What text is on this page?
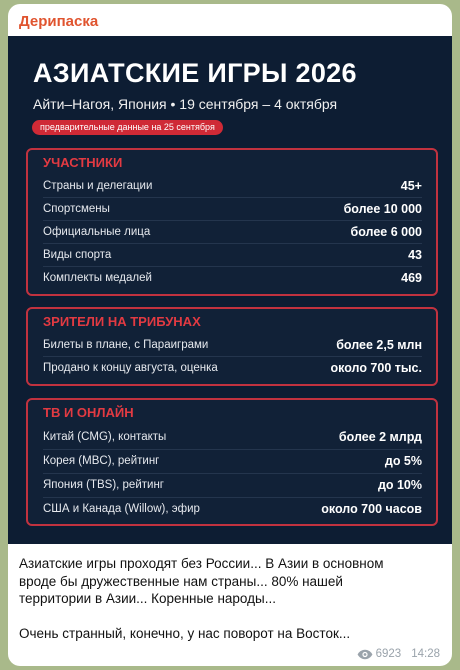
Дерипаска
АЗИАТСКИЕ ИГРЫ 2026
Айти–Нагоя, Япония • 19 сентября – 4 октября
предварительные данные на 25 сентября
УЧАСТНИКИ
Страны и делегации	45+
Спортсмены	более 10 000
Официальные лица	более 6 000
Виды спорта	43
Комплекты медалей	469
ЗРИТЕЛИ НА ТРИБУНАХ
Билеты в плане, с Параиграми	более 2,5 млн
Продано к концу августа, оценка	около 700 тыс.
ТВ И ОНЛАЙН
Китай (CMG), контакты	более 2 млрд
Корея (MBC), рейтинг	до 5%
Япония (TBS), рейтинг	до 10%
США и Канада (Willow), эфир	около 700 часов

Азиатские игры проходят без России... В Азии в основном

вроде бы дружественные нам страны... 80% нашей

территории в Азии... Коренные народы...

Очень странный, конечно, у нас поворот на Восток...

6923 14:28
